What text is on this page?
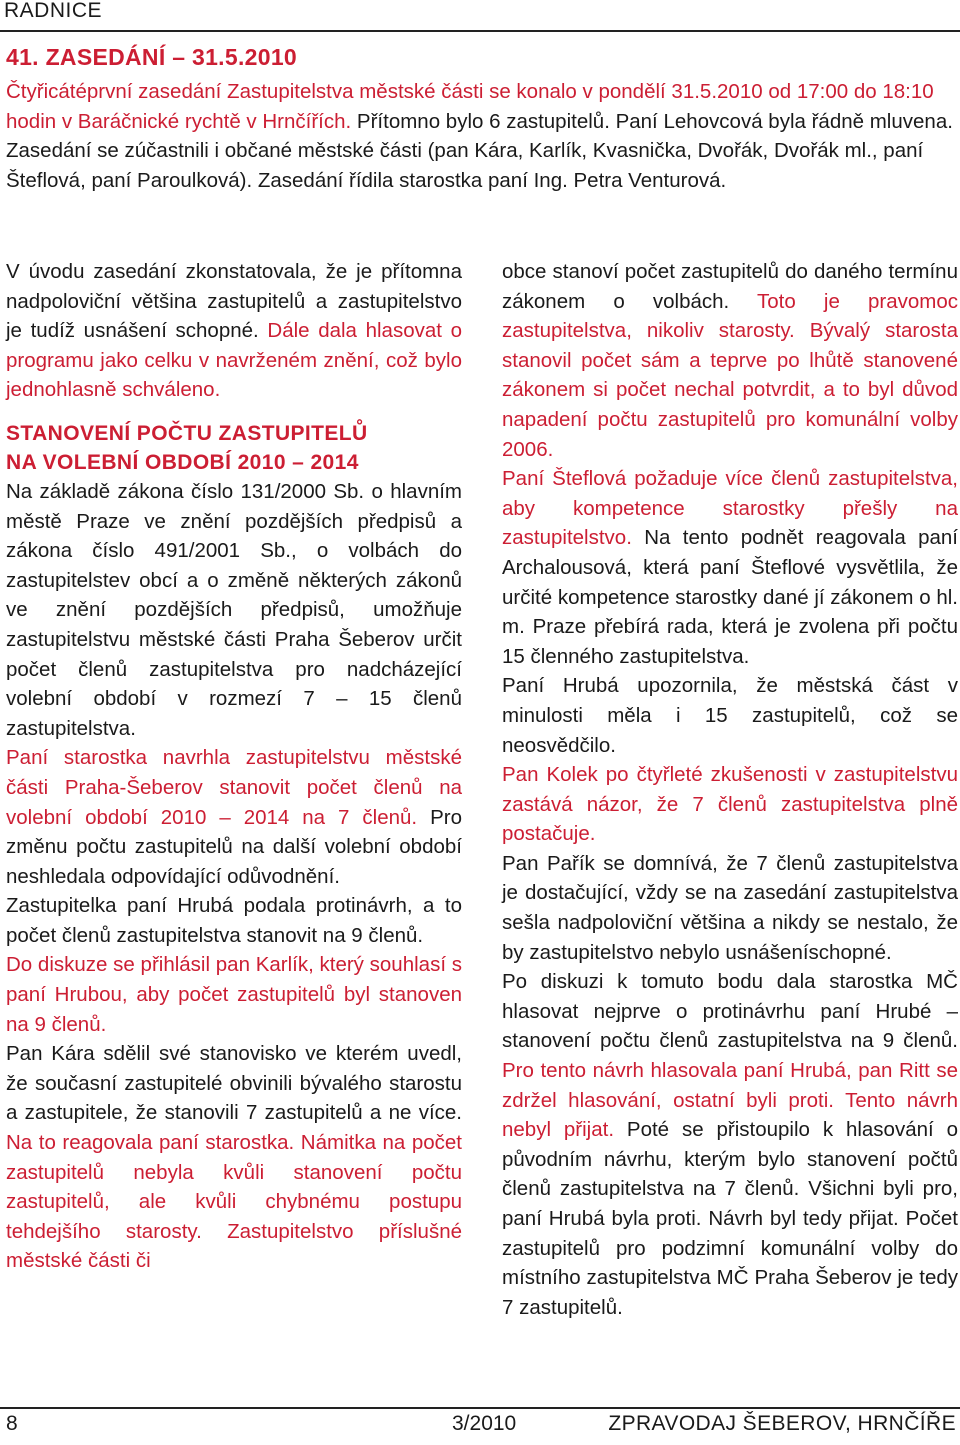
RADNICE
41. ZASEDÁNÍ – 31.5.2010

Čtyřicátéprvní zasedání Zastupitelstva městské části se konalo v pondělí 31.5.2010 od 17:00 do 18:10 hodin v Baráčnické rychtě v Hrnčířích. Přítomno bylo 6 zastupitelů. Paní Lehovcová byla řádně mluvena. Zasedání se zúčastnili i občané městské části (pan Kára, Karlík, Kvasnička, Dvořák, Dvořák ml., paní Šteflová, paní Paroulková). Zasedání řídila starostka paní Ing. Petra Venturová.

V úvodu zasedání zkonstatovala, že je přítomna nadpoloviční většina zastupitelů a zastupitelstvo je tudíž usnášení schopné. Dále dala hlasovat o programu jako celku v navrženém znění, což bylo jednohlasně schváleno.

STANOVENÍ POČTU ZASTUPITELŮ
NA VOLEBNÍ OBDOBÍ 2010 – 2014

Na základě zákona číslo 131/2000 Sb. o hlavním městě Praze ve znění pozdějších předpisů a zákona číslo 491/2001 Sb., o volbách do zastupitelstev obcí a o změně některých zákonů ve znění pozdějších předpisů, umožňuje zastupitelstvu městské části Praha Šeberov určit počet členů zastupitelstva pro nadcházející volební období v rozmezí 7 – 15 členů zastupitelstva.

Paní starostka navrhla zastupitelstvu městské části Praha-Šeberov stanovit počet členů na volební období 2010 – 2014 na 7 členů. Pro změnu počtu zastupitelů na další volební období neshledala odpovídající odůvodnění.

Zastupitelka paní Hrubá podala protinávrh, a to počet členů zastupitelstva stanovit na 9 členů.

Do diskuze se přihlásil pan Karlík, který souhlasí s paní Hrubou, aby počet zastupitelů byl stanoven na 9 členů.

Pan Kára sdělil své stanovisko ve kterém uvedl, že současní zastupitelé obvinili bývalého starostu a zastupitele, že stanovili 7 zastupitelů a ne více. Na to reagovala paní starostka. Námitka na počet zastupitelů nebyla kvůli stanovení počtu zastupitelů, ale kvůli chybnému postupu tehdejšího starosty. Zastupitelstvo příslušné městské části či

obce stanoví počet zastupitelů do daného termínu zákonem o volbách. Toto je pravomoc zastupitelstva, nikoliv starosty. Bývalý starosta stanovil počet sám a teprve po lhůtě stanovené zákonem si počet nechal potvrdit, a to byl důvod napadení počtu zastupitelů pro komunální volby 2006.

Paní Šteflová požaduje více členů zastupitelstva, aby kompetence starostky přešly na zastupitelstvo. Na tento podnět reagovala paní Archalousová, která paní Šteflové vysvětlila, že určité kompetence starostky dané jí zákonem o hl. m. Praze přebírá rada, která je zvolena při počtu 15 členného zastupitelstva.

Paní Hrubá upozornila, že městská část v minulosti měla i 15 zastupitelů, což se neosvědčilo.

Pan Kolek po čtyřleté zkušenosti v zastupitelstvu zastává názor, že 7 členů zastupitelstva plně postačuje.

Pan Pařík se domnívá, že 7 členů zastupitelstva je dostačující, vždy se na zasedání zastupitelstva sešla nadpoloviční většina a nikdy se nestalo, že by zastupitelstvo nebylo usnášeníschopné.

Po diskuzi k tomuto bodu dala starostka MČ hlasovat nejprve o protinávrhu paní Hrubé – stanovení počtu členů zastupitelstva na 9 členů. Pro tento návrh hlasovala paní Hrubá, pan Ritt se zdržel hlasování, ostatní byli proti. Tento návrh nebyl přijat. Poté se přistoupilo k hlasování o původním návrhu, kterým bylo stanovení počtů členů zastupitelstva na 7 členů. Všichni byli pro, paní Hrubá byla proti. Návrh byl tedy přijat. Počet zastupitelů pro podzimní komunální volby do místního zastupitelstva MČ Praha Šeberov je tedy 7 zastupitelů.

8	3/2010	ZPRAVODAJ ŠEBEROV, HRNČÍŘE
